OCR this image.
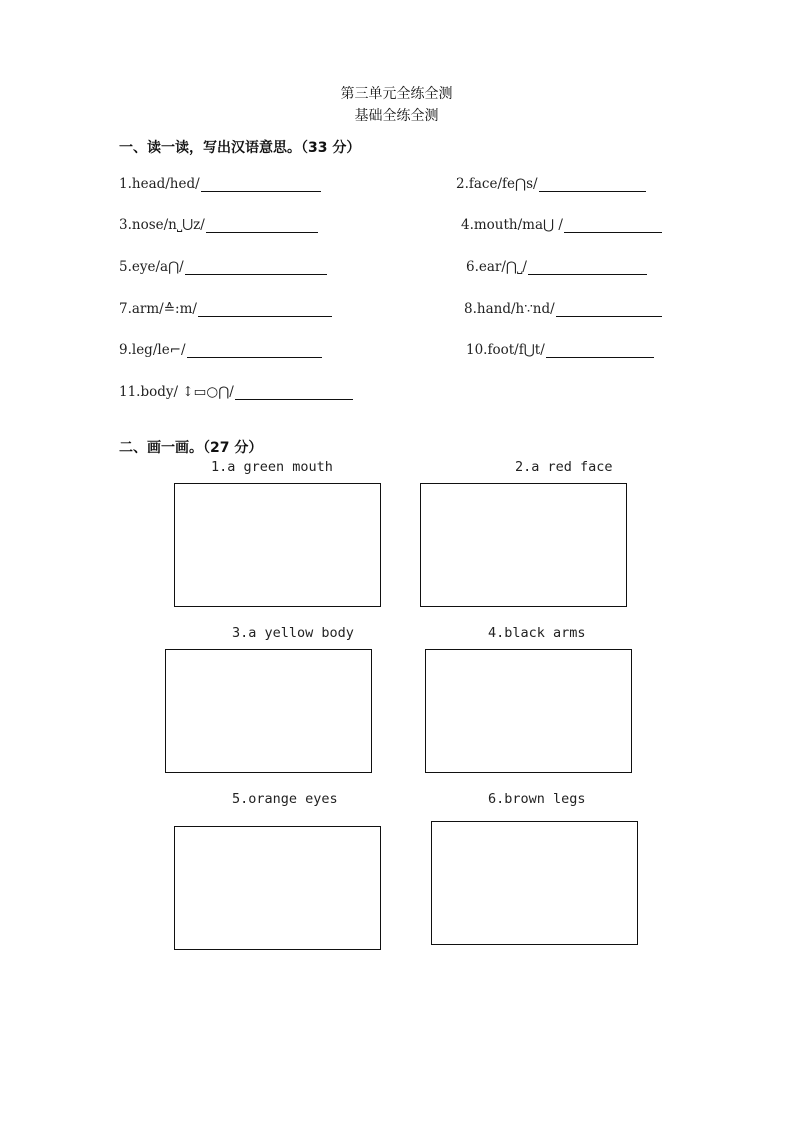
第三单元全练全测
基础全练全测
一、读一读，写出汉语意思。（33 分）
1.head/hed/	2.face/fe⋂s/
3.nose/n⎵⋃z/	4.mouth/ma⋃ /
5.eye/a⋂/	6.ear/⋂⎵/
7.arm/≙:m/	8.hand/h∵nd/
9.leg/le⌐/	10.foot/f⋃t/
11.body/ ↕▭○⋂/
二、画一画。（27 分）
1.a green mouth	2.a red face
3.a yellow body	4.black arms
5.orange eyes	6.brown legs
